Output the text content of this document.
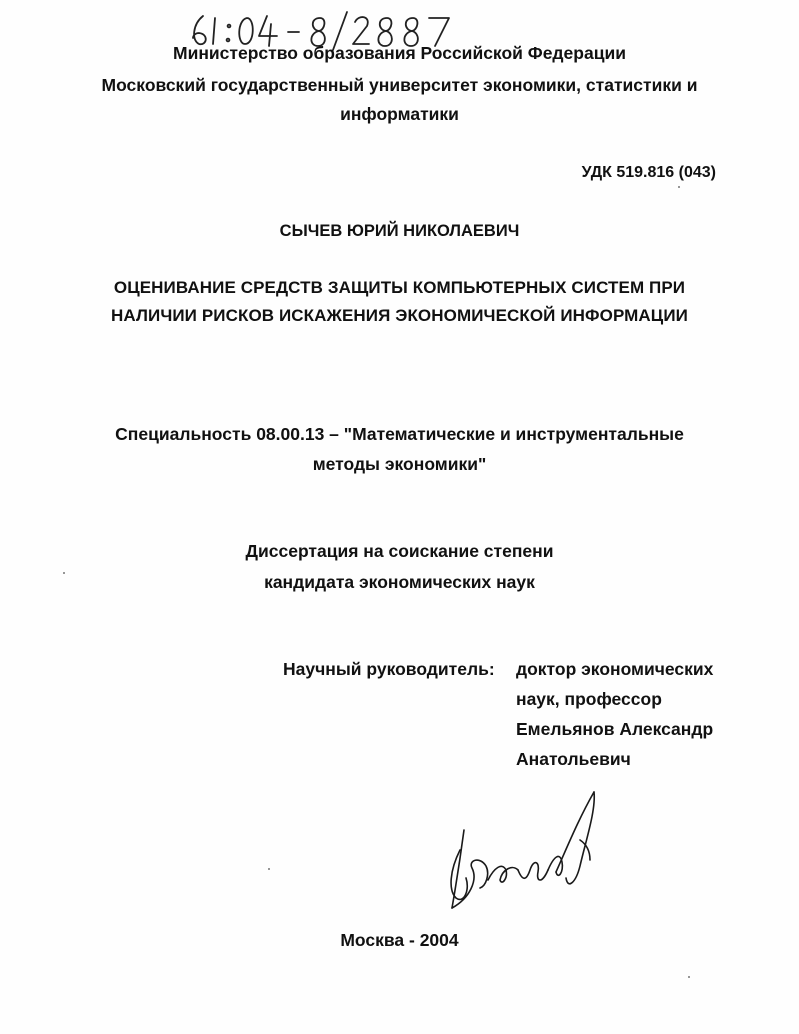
Министерство образования Российской Федерации
Московский государственный университет экономики, статистики и
информатики
УДК 519.816 (043)
СЫЧЕВ ЮРИЙ НИКОЛАЕВИЧ
ОЦЕНИВАНИЕ СРЕДСТВ ЗАЩИТЫ КОМПЬЮТЕРНЫХ СИСТЕМ ПРИ
НАЛИЧИИ РИСКОВ ИСКАЖЕНИЯ ЭКОНОМИЧЕСКОЙ ИНФОРМАЦИИ
Специальность 08.00.13 – "Математические и инструментальные
методы экономики"
Диссертация на соискание степени
кандидата экономических наук
Научный руководитель: доктор экономических
наук, профессор
Емельянов Александр
Анатольевич
Москва - 2004
